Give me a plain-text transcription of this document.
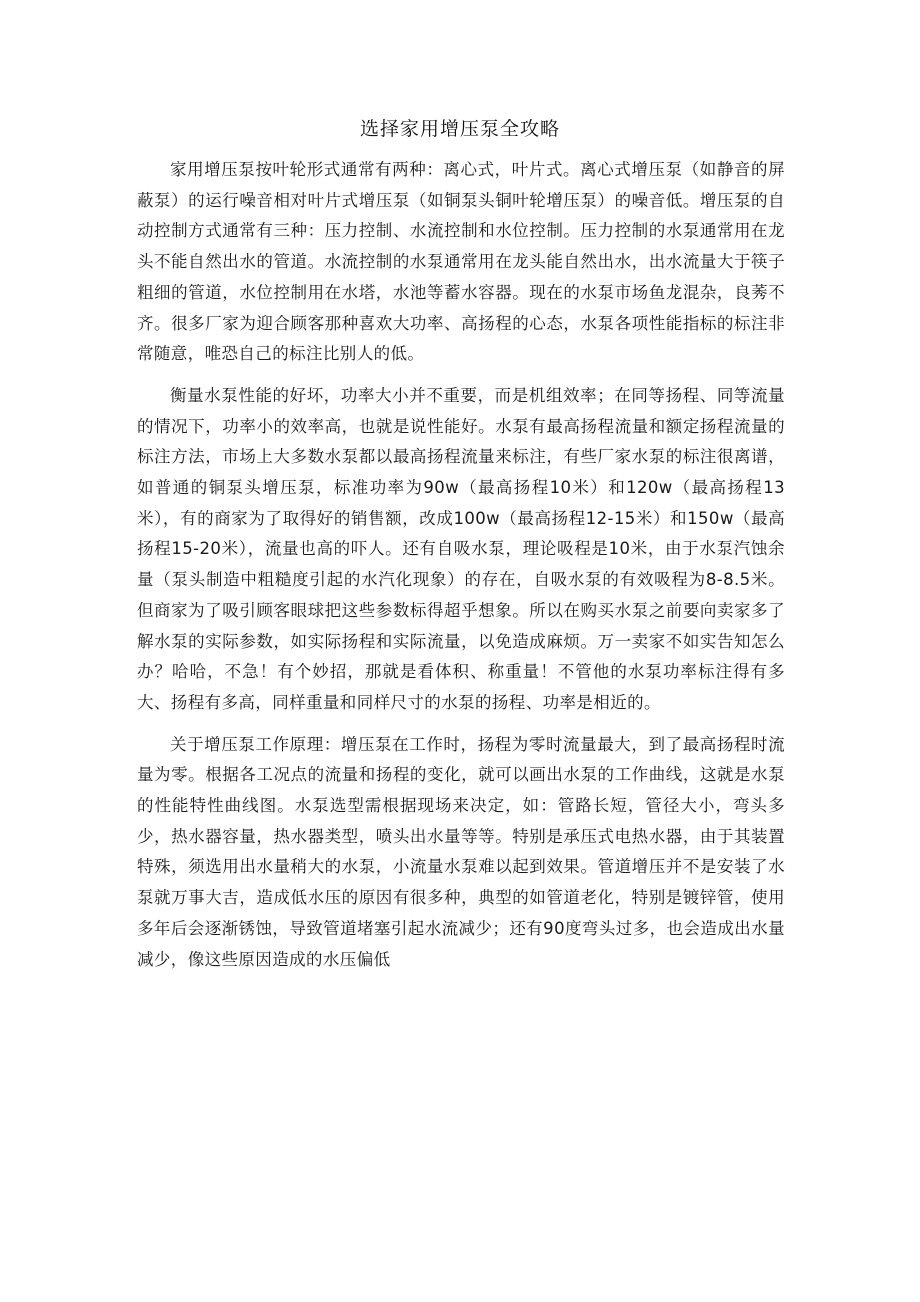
选择家用增压泵全攻略

家用增压泵按叶轮形式通常有两种：离心式，叶片式。离心式增压泵（如静音的屏蔽泵）的运行噪音相对叶片式增压泵（如铜泵头铜叶轮增压泵）的噪音低。增压泵的自动控制方式通常有三种：压力控制、水流控制和水位控制。压力控制的水泵通常用在龙头不能自然出水的管道。水流控制的水泵通常用在龙头能自然出水，出水流量大于筷子粗细的管道，水位控制用在水塔，水池等蓄水容器。现在的水泵市场鱼龙混杂，良莠不齐。很多厂家为迎合顾客那种喜欢大功率、高扬程的心态，水泵各项性能指标的标注非常随意，唯恐自己的标注比别人的低。

衡量水泵性能的好坏，功率大小并不重要，而是机组效率；在同等扬程、同等流量的情况下，功率小的效率高，也就是说性能好。水泵有最高扬程流量和额定扬程流量的标注方法，市场上大多数水泵都以最高扬程流量来标注，有些厂家水泵的标注很离谱，如普通的铜泵头增压泵，标准功率为90w（最高扬程10米）和120w（最高扬程13米），有的商家为了取得好的销售额，改成100w（最高扬程12-15米）和150w（最高扬程15-20米），流量也高的吓人。还有自吸水泵，理论吸程是10米，由于水泵汽蚀余量（泵头制造中粗糙度引起的水汽化现象）的存在，自吸水泵的有效吸程为8-8.5米。但商家为了吸引顾客眼球把这些参数标得超乎想象。所以在购买水泵之前要向卖家多了解水泵的实际参数，如实际扬程和实际流量，以免造成麻烦。万一卖家不如实告知怎么办？哈哈，不急！有个妙招，那就是看体积、称重量！不管他的水泵功率标注得有多大、扬程有多高，同样重量和同样尺寸的水泵的扬程、功率是相近的。

关于增压泵工作原理：增压泵在工作时，扬程为零时流量最大，到了最高扬程时流量为零。根据各工况点的流量和扬程的变化，就可以画出水泵的工作曲线，这就是水泵的性能特性曲线图。水泵选型需根据现场来决定，如：管路长短，管径大小，弯头多少，热水器容量，热水器类型，喷头出水量等等。特别是承压式电热水器，由于其装置特殊，须选用出水量稍大的水泵，小流量水泵难以起到效果。管道增压并不是安装了水泵就万事大吉，造成低水压的原因有很多种，典型的如管道老化，特别是镀锌管，使用多年后会逐渐锈蚀，导致管道堵塞引起水流减少；还有90度弯头过多，也会造成出水量减少，像这些原因造成的水压偏低
